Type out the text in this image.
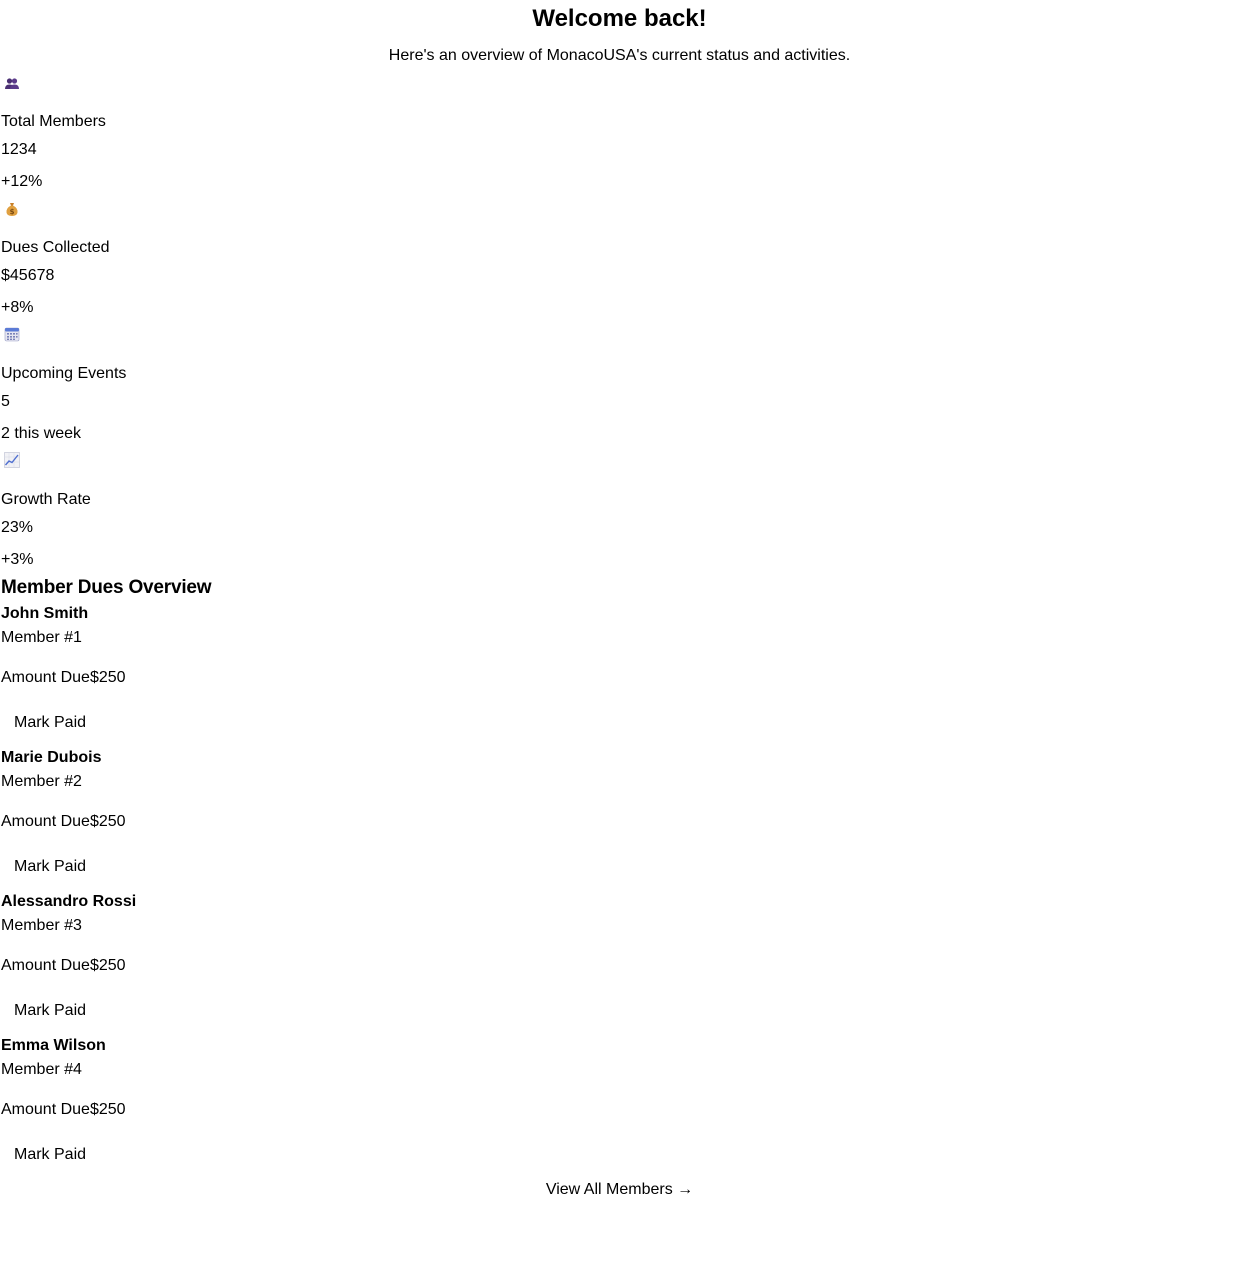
Welcome back!

Here's an overview of MonacoUSA's current status and activities.

Total Members
1234
+12%
$
Dues Collected
$45678
+8%
Upcoming Events
5
2 this week
Growth Rate
23%
+3%
Member Dues Overview
John Smith
Member #1
Amount Due$250
Mark Paid
Marie Dubois
Member #2
Amount Due$250
Mark Paid
Alessandro Rossi
Member #3
Amount Due$250
Mark Paid
Emma Wilson
Member #4
Amount Due$250
Mark Paid
View All Members →
